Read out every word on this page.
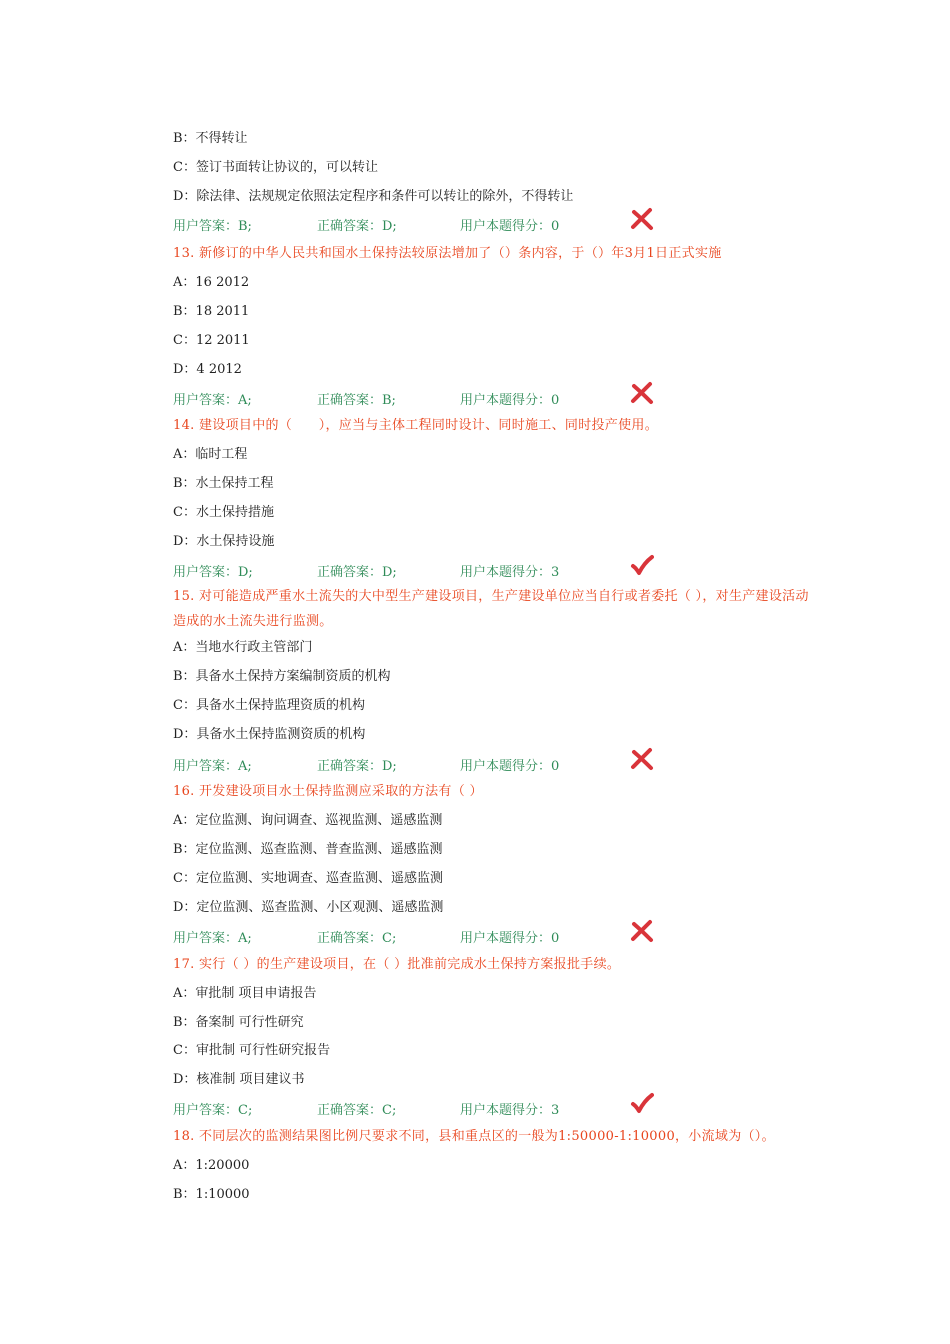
B：不得转让
C：签订书面转让协议的，可以转让
D：除法律、法规规定依照法定程序和条件可以转让的除外，不得转让
用户答案：B;	正确答案：D;	用户本题得分：0
13. 新修订的中华人民共和国水土保持法较原法增加了（）条内容，于（）年3月1日正式实施
A：16 2012
B：18 2011
C：12 2011
D：4 2012
用户答案：A;	正确答案：B;	用户本题得分：0
14. 建设项目中的（　　），应当与主体工程同时设计、同时施工、同时投产使用。
A：临时工程
B：水土保持工程
C：水土保持措施
D：水土保持设施
用户答案：D;	正确答案：D;	用户本题得分：3
15. 对可能造成严重水土流失的大中型生产建设项目，生产建设单位应当自行或者委托（ ），对生产建设活动造成的水土流失进行监测。
A：当地水行政主管部门
B：具备水土保持方案编制资质的机构
C：具备水土保持监理资质的机构
D：具备水土保持监测资质的机构
用户答案：A;	正确答案：D;	用户本题得分：0
16. 开发建设项目水土保持监测应采取的方法有（ ）
A：定位监测、询问调查、巡视监测、遥感监测
B：定位监测、巡查监测、普查监测、遥感监测
C：定位监测、实地调查、巡查监测、遥感监测
D：定位监测、巡查监测、小区观测、遥感监测
用户答案：A;	正确答案：C;	用户本题得分：0
17. 实行（ ）的生产建设项目，在（ ）批准前完成水土保持方案报批手续。
A：审批制 项目申请报告
B：备案制 可行性研究
C：审批制 可行性研究报告
D：核准制 项目建议书
用户答案：C;	正确答案：C;	用户本题得分：3
18. 不同层次的监测结果图比例尺要求不同，县和重点区的一般为1:50000-1:10000，小流域为（）。
A：1:20000
B：1:10000
